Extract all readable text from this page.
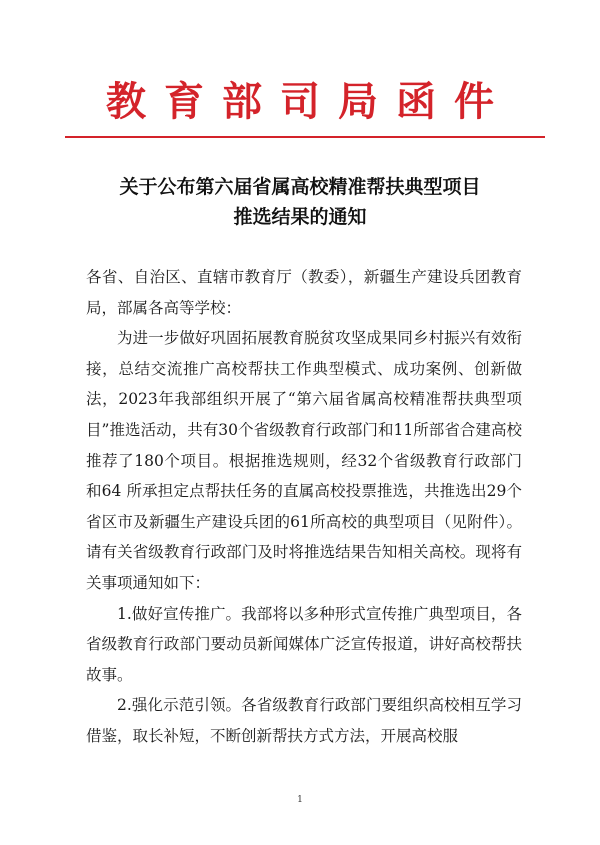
教育部司局函件
关于公布第六届省属高校精准帮扶典型项目
推选结果的通知

各省、自治区、直辖市教育厅（教委），新疆生产建设兵团教育局，部属各高等学校：

为进一步做好巩固拓展教育脱贫攻坚成果同乡村振兴有效衔接，总结交流推广高校帮扶工作典型模式、成功案例、创新做法，2023年我部组织开展了“第六届省属高校精准帮扶典型项目”推选活动，共有30个省级教育行政部门和11所部省合建高校推荐了180个项目。根据推选规则，经32个省级教育行政部门和64 所承担定点帮扶任务的直属高校投票推选，共推选出29个省区市及新疆生产建设兵团的61所高校的典型项目（见附件）。请有关省级教育行政部门及时将推选结果告知相关高校。现将有关事项通知如下：

1.做好宣传推广。我部将以多种形式宣传推广典型项目，各省级教育行政部门要动员新闻媒体广泛宣传报道，讲好高校帮扶故事。

2.强化示范引领。各省级教育行政部门要组织高校相互学习借鉴，取长补短，不断创新帮扶方式方法，开展高校服

1
